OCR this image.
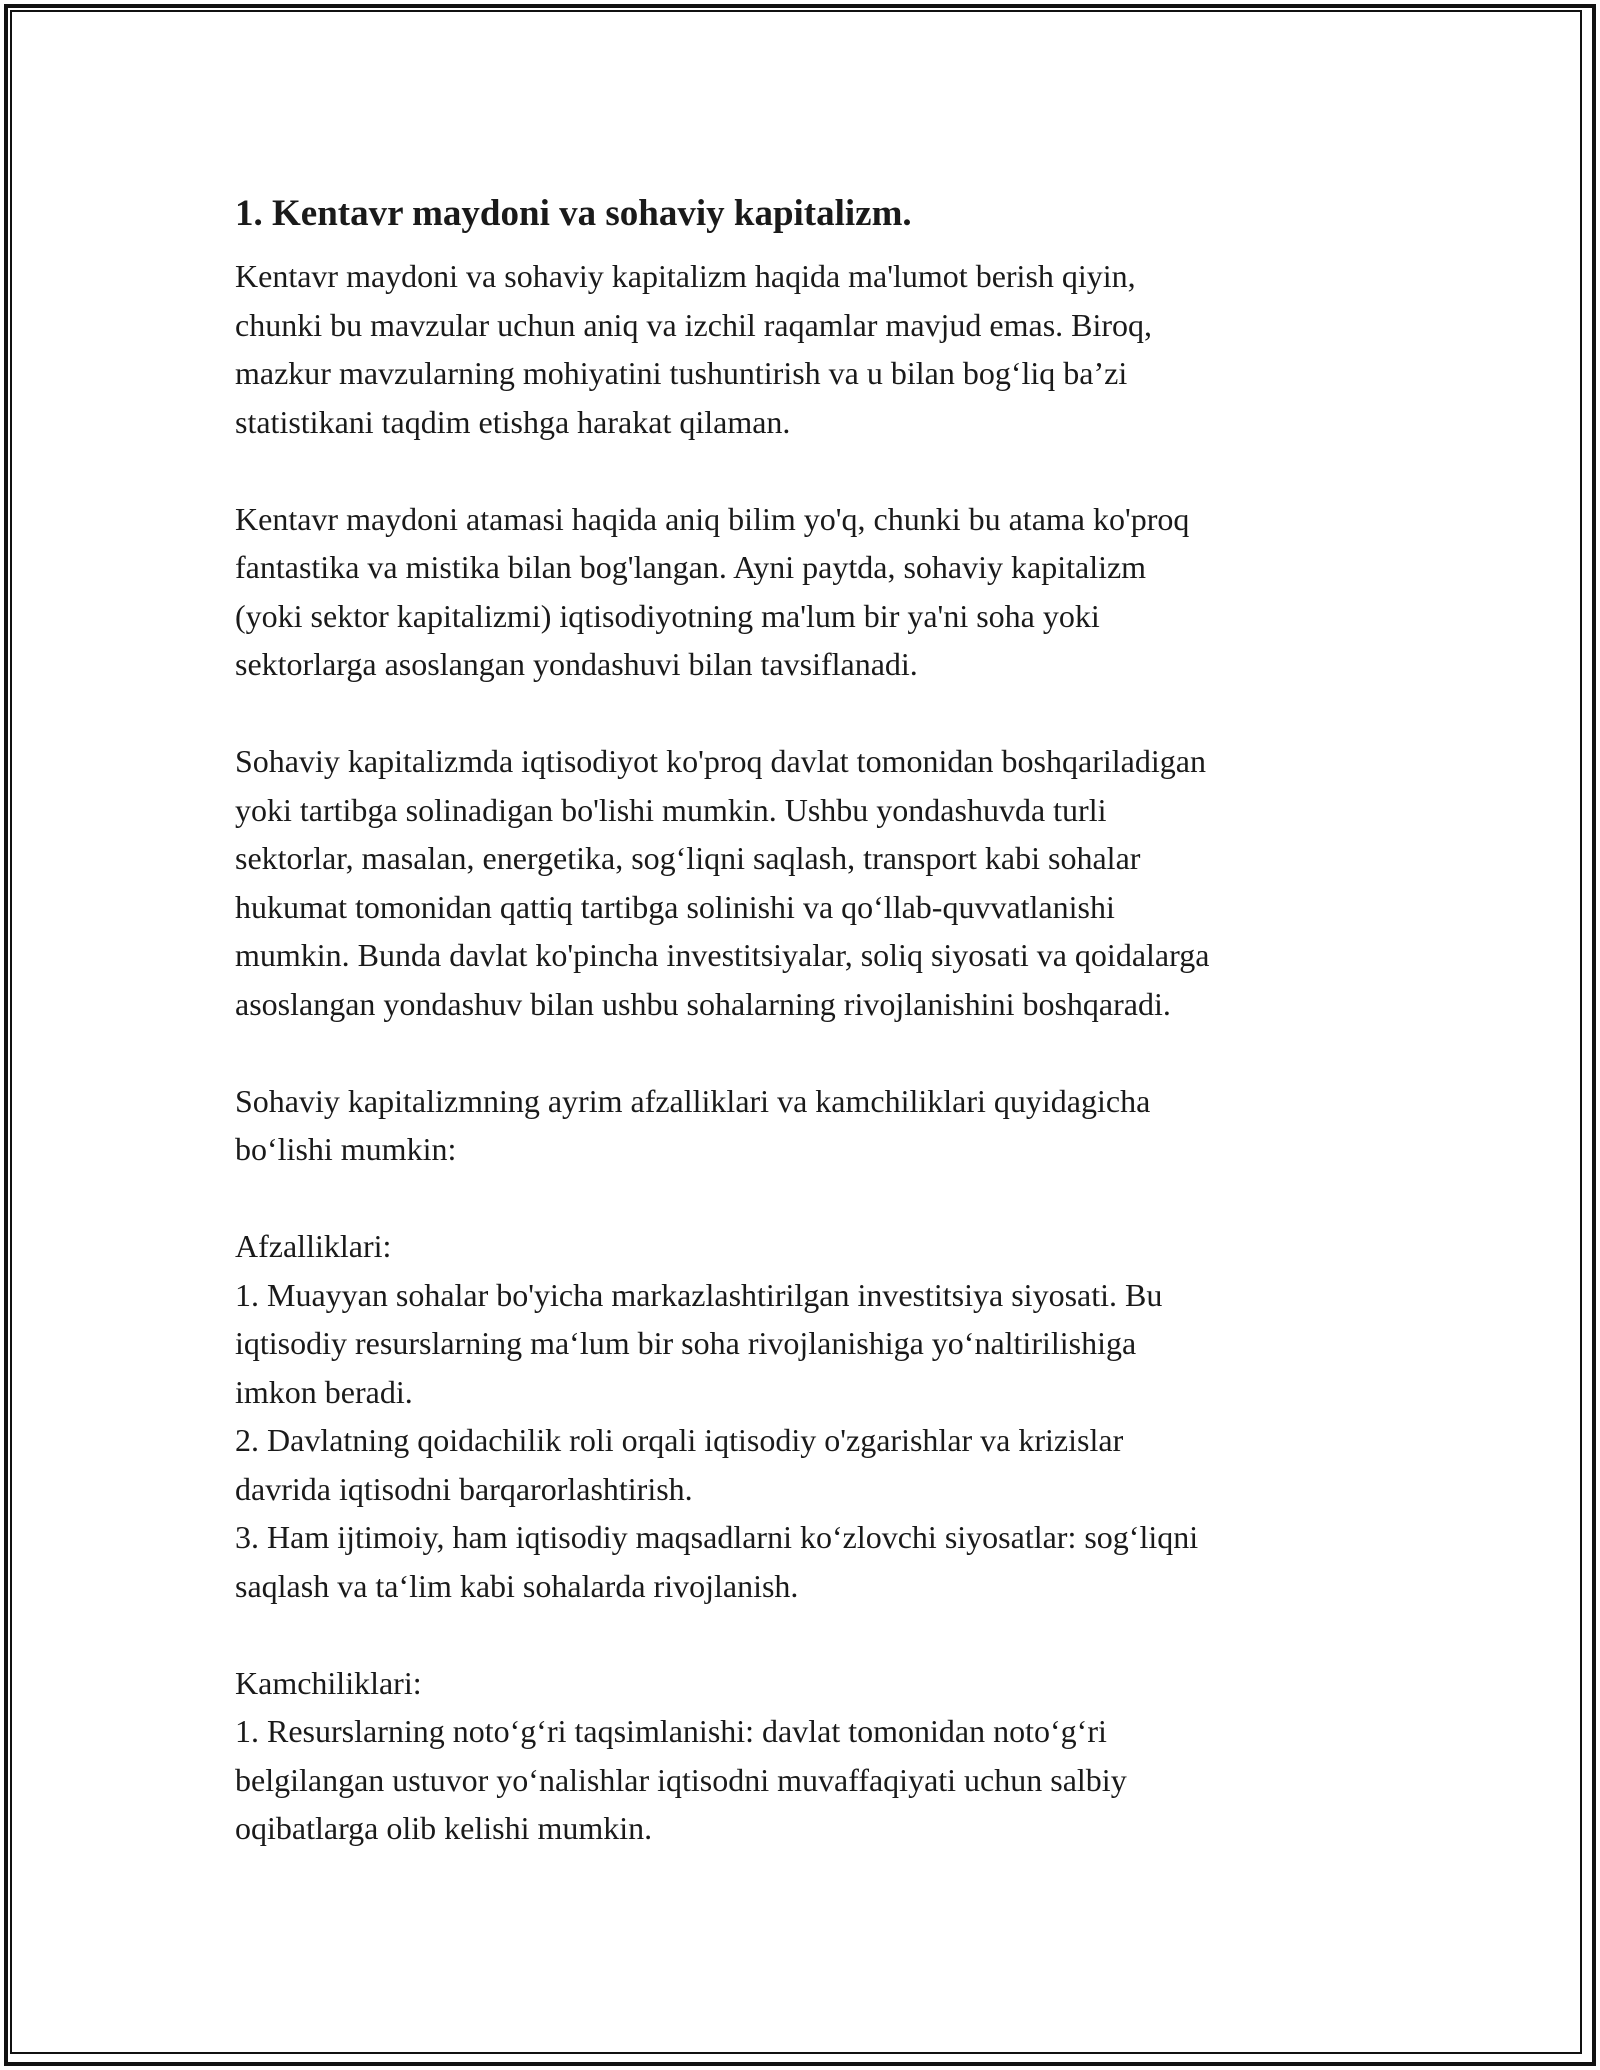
1. Kentavr maydoni va sohaviy kapitalizm.
Kentavr maydoni va sohaviy kapitalizm haqida ma'lumot berish qiyin,
chunki bu mavzular uchun aniq va izchil raqamlar mavjud emas. Biroq,
mazkur mavzularning mohiyatini tushuntirish va u bilan bog‘liq ba’zi
statistikani taqdim etishga harakat qilaman.
Kentavr maydoni atamasi haqida aniq bilim yo'q, chunki bu atama ko'proq
fantastika va mistika bilan bog'langan. Ayni paytda, sohaviy kapitalizm
(yoki sektor kapitalizmi) iqtisodiyotning ma'lum bir ya'ni soha yoki
sektorlarga asoslangan yondashuvi bilan tavsiflanadi.
Sohaviy kapitalizmda iqtisodiyot ko'proq davlat tomonidan boshqariladigan
yoki tartibga solinadigan bo'lishi mumkin. Ushbu yondashuvda turli
sektorlar, masalan, energetika, sog‘liqni saqlash, transport kabi sohalar
hukumat tomonidan qattiq tartibga solinishi va qo‘llab-quvvatlanishi
mumkin. Bunda davlat ko'pincha investitsiyalar, soliq siyosati va qoidalarga
asoslangan yondashuv bilan ushbu sohalarning rivojlanishini boshqaradi.
Sohaviy kapitalizmning ayrim afzalliklari va kamchiliklari quyidagicha
bo‘lishi mumkin:
Afzalliklari:
1. Muayyan sohalar bo'yicha markazlashtirilgan investitsiya siyosati. Bu
iqtisodiy resurslarning ma‘lum bir soha rivojlanishiga yo‘naltirilishiga
imkon beradi.
2. Davlatning qoidachilik roli orqali iqtisodiy o'zgarishlar va krizislar
davrida iqtisodni barqarorlashtirish.
3. Ham ijtimoiy, ham iqtisodiy maqsadlarni ko‘zlovchi siyosatlar: sog‘liqni
saqlash va ta‘lim kabi sohalarda rivojlanish.
Kamchiliklari:
1. Resurslarning noto‘g‘ri taqsimlanishi: davlat tomonidan noto‘g‘ri
belgilangan ustuvor yo‘nalishlar iqtisodni muvaffaqiyati uchun salbiy
oqibatlarga olib kelishi mumkin.
